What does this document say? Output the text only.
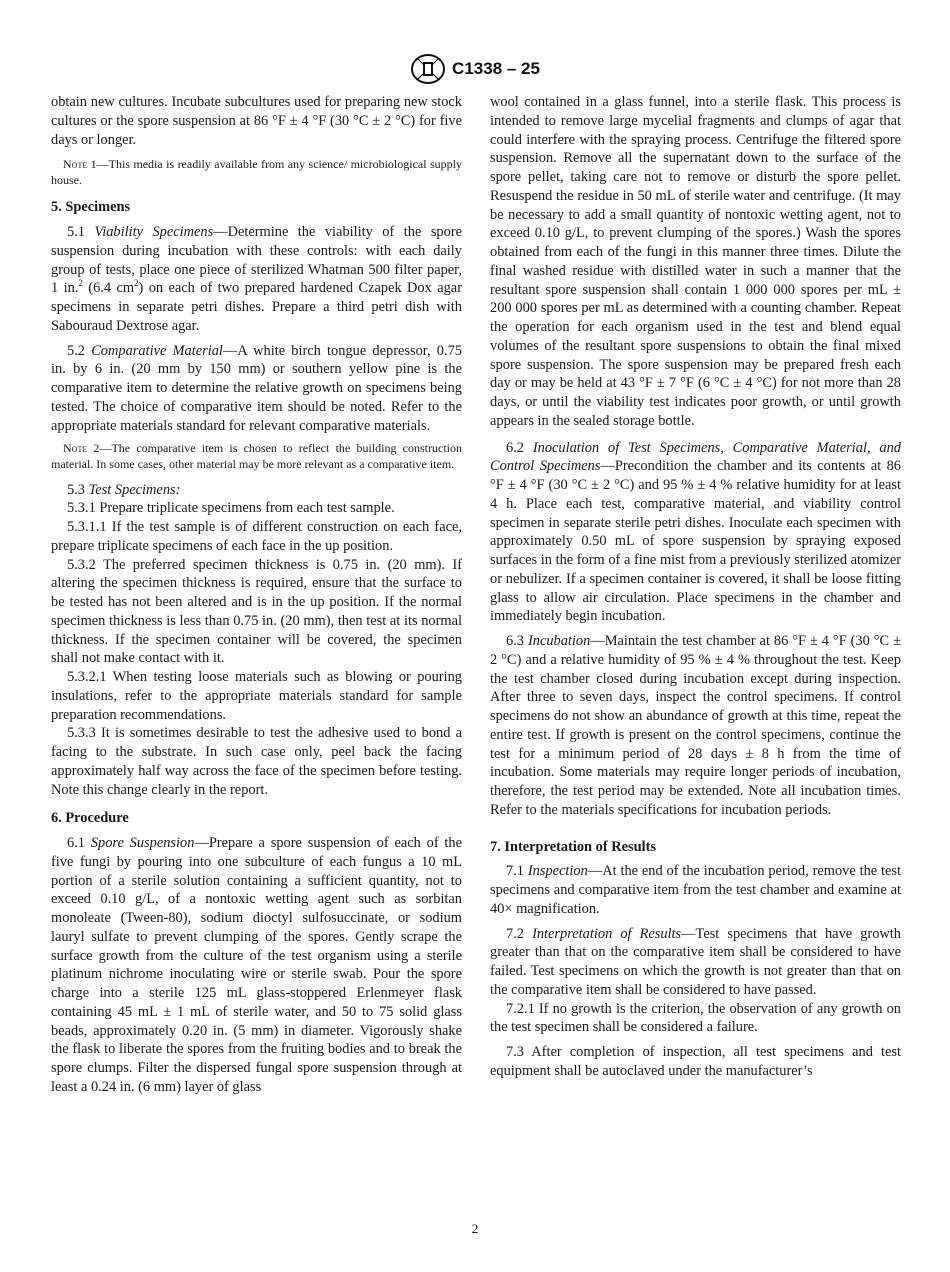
C1338 – 25

obtain new cultures. Incubate subcultures used for preparing new stock cultures or the spore suspension at 86 °F ± 4 °F (30 °C ± 2 °C) for five days or longer.

Note 1—This media is readily available from any science/ microbiological supply house.

5. Specimens

5.1 Viability Specimens—Determine the viability of the spore suspension during incubation with these controls: with each daily group of tests, place one piece of sterilized Whatman 500 filter paper, 1 in.$^2$ (6.4 $cm^2$) on each of two prepared hardened Czapek Dox agar specimens in separate petri dishes. Prepare a third petri dish with Sabouraud Dextrose agar.

5.2 Comparative Material—A white birch tongue depressor, 0.75 in. by 6 in. (20 mm by 150 mm) or southern yellow pine is the comparative item to determine the relative growth on specimens being tested. The choice of comparative item should be noted. Refer to the appropriate materials standard for relevant comparative materials.

Note 2—The comparative item is chosen to reflect the building construction material. In some cases, other material may be more relevant as a comparative item.

5.3 Test Specimens:

5.3.1 Prepare triplicate specimens from each test sample.

5.3.1.1 If the test sample is of different construction on each face, prepare triplicate specimens of each face in the up position.

5.3.2 The preferred specimen thickness is 0.75 in. (20 mm). If altering the specimen thickness is required, ensure that the surface to be tested has not been altered and is in the up position. If the normal specimen thickness is less than 0.75 in. (20 mm), then test at its normal thickness. If the specimen container will be covered, the specimen shall not make contact with it.

5.3.2.1 When testing loose materials such as blowing or pouring insulations, refer to the appropriate materials standard for sample preparation recommendations.

5.3.3 It is sometimes desirable to test the adhesive used to bond a facing to the substrate. In such case only, peel back the facing approximately half way across the face of the specimen before testing. Note this change clearly in the report.

6. Procedure

6.1 Spore Suspension—Prepare a spore suspension of each of the five fungi by pouring into one subculture of each fungus a 10 mL portion of a sterile solution containing a sufficient quantity, not to exceed 0.10 g/L, of a nontoxic wetting agent such as sorbitan monoleate (Tween-80), sodium dioctyl sulfosuccinate, or sodium lauryl sulfate to prevent clumping of the spores. Gently scrape the surface growth from the culture of the test organism using a sterile platinum nichrome inoculating wire or sterile swab. Pour the spore charge into a sterile 125 mL glass-stoppered Erlenmeyer flask containing 45 mL ± 1 mL of sterile water, and 50 to 75 solid glass beads, approximately 0.20 in. (5 mm) in diameter. Vigorously shake the flask to liberate the spores from the fruiting bodies and to break the spore clumps. Filter the dispersed fungal spore suspension through at least a 0.24 in. (6 mm) layer of glass

wool contained in a glass funnel, into a sterile flask. This process is intended to remove large mycelial fragments and clumps of agar that could interfere with the spraying process. Centrifuge the filtered spore suspension. Remove all the supernatant down to the surface of the spore pellet, taking care not to remove or disturb the spore pellet. Resuspend the residue in 50 mL of sterile water and centrifuge. (It may be necessary to add a small quantity of nontoxic wetting agent, not to exceed 0.10 g/L, to prevent clumping of the spores.) Wash the spores obtained from each of the fungi in this manner three times. Dilute the final washed residue with distilled water in such a manner that the resultant spore suspension shall contain 1 000 000 spores per mL ± 200 000 spores per mL as determined with a counting chamber. Repeat the operation for each organism used in the test and blend equal volumes of the resultant spore suspensions to obtain the final mixed spore suspension. The spore suspension may be prepared fresh each day or may be held at 43 °F ± 7 °F (6 °C ± 4 °C) for not more than 28 days, or until the viability test indicates poor growth, or until growth appears in the sealed storage bottle.

6.2 Inoculation of Test Specimens, Comparative Material, and Control Specimens—Precondition the chamber and its contents at 86 °F ± 4 °F (30 °C ± 2 °C) and 95 % ± 4 % relative humidity for at least 4 h. Place each test, comparative material, and viability control specimen in separate sterile petri dishes. Inoculate each specimen with approximately 0.50 mL of spore suspension by spraying exposed surfaces in the form of a fine mist from a previously sterilized atomizer or nebulizer. If a specimen container is covered, it shall be loose fitting glass to allow air circulation. Place specimens in the chamber and immediately begin incubation.

6.3 Incubation—Maintain the test chamber at 86 °F ± 4 °F (30 °C ± 2 °C) and a relative humidity of 95 % ± 4 % throughout the test. Keep the test chamber closed during incubation except during inspection. After three to seven days, inspect the control specimens. If control specimens do not show an abundance of growth at this time, repeat the entire test. If growth is present on the control specimens, continue the test for a minimum period of 28 days ± 8 h from the time of incubation. Some materials may require longer periods of incubation, therefore, the test period may be extended. Note all incubation times. Refer to the materials specifications for incubation periods.

7. Interpretation of Results

7.1 Inspection—At the end of the incubation period, remove the test specimens and comparative item from the test chamber and examine at 40× magnification.

7.2 Interpretation of Results—Test specimens that have growth greater than that on the comparative item shall be considered to have failed. Test specimens on which the growth is not greater than that on the comparative item shall be considered to have passed.

7.2.1 If no growth is the criterion, the observation of any growth on the test specimen shall be considered a failure.

7.3 After completion of inspection, all test specimens and test equipment shall be autoclaved under the manufacturer’s

2
